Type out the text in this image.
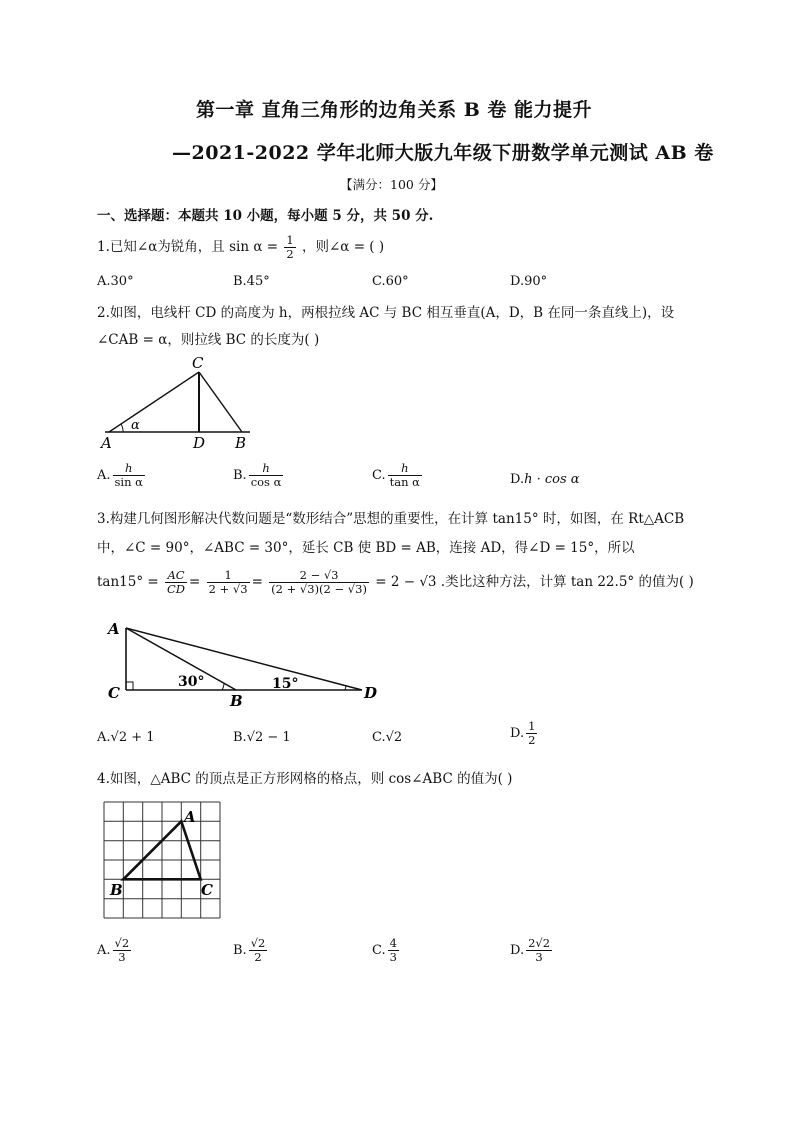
第一章 直角三角形的边角关系 B 卷 能力提升
—2021-2022 学年北师大版九年级下册数学单元测试 AB 卷
【满分：100 分】
一、选择题：本题共 10 小题，每小题 5 分，共 50 分.
1.已知∠α为锐角，且 $\sin \alpha = \frac{1}{2}$ ，则∠α = ( )
A.30°	B.45°	C.60°	D.90°
2.如图，电线杆 CD 的高度为 h，两根拉线 AC 与 BC 相互垂直(A，D，B 在同一条直线上)，设
∠CAB = α，则拉线 BC 的长度为( )
C
A	D B
α
A. $\frac{h}{\text{sin α}}$	B. $\frac{h}{\text{cos α}}$	C. $\frac{h}{\text{tan α}}$	D.h · cos α
3.构建几何图形解决代数问题是“数形结合”思想的重要性，在计算 tan15° 时，如图，在 Rt△ACB
中，∠C = 90°，∠ABC = 30°，延长 CB 使 BD = AB，连接 AD，得∠D = 15°，所以
$\tan 15^\circ = \frac{AC}{CD} = \frac{1}{2 + √3} = \frac{2 - √3}{(2 + √3)(2 - √3)} = 2 - √3$ .类比这种方法，计算 tan 22.5° 的值为( )
A
C	B	D
30°	15°
A.√2 + 1	B.√2 − 1	C.√2	D. $\frac{1}{2}$
4.如图，△ABC 的顶点是正方形网格的格点，则 cos∠ABC 的值为( )
A
B	C
A. $\frac{√2}{3}$	B. $\frac{√2}{2}$	C. $\frac{4}{3}$	D. $\frac{2√2}{3}$
